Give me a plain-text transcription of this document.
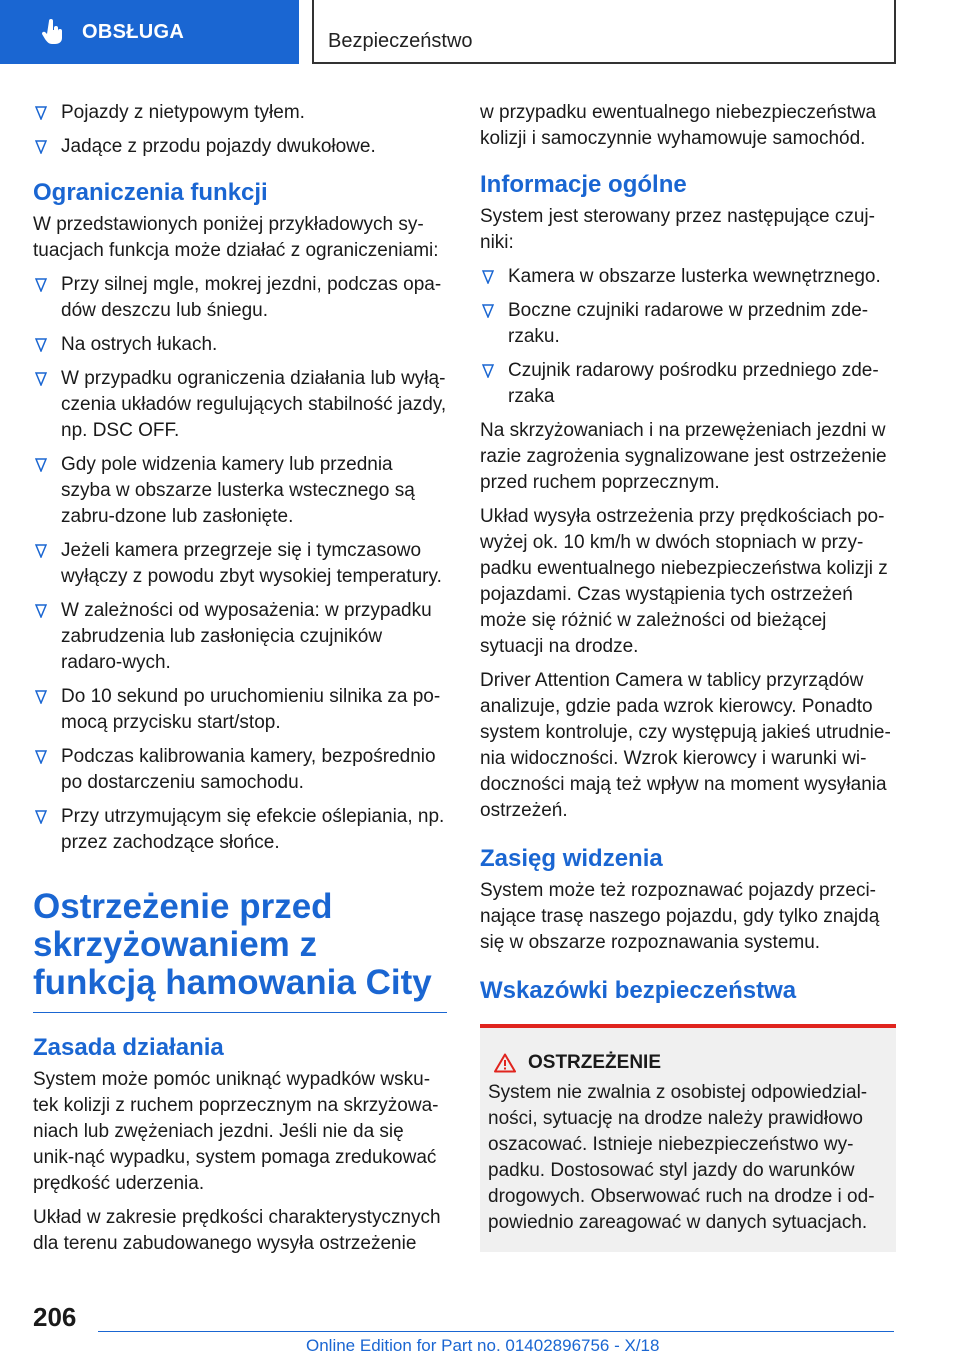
OBSŁUGA	Bezpieczeństwo
Pojazdy z nietypowym tyłem.
Jadące z przodu pojazdy dwukołowe.
Ograniczenia funkcji
W przedstawionych poniżej przykładowych sy-tuacjach funkcja może działać z ograniczeniami:
Przy silnej mgle, mokrej jezdni, podczas opa-dów deszczu lub śniegu.
Na ostrych łukach.
W przypadku ograniczenia działania lub wyłą-czenia układów regulujących stabilność jazdy, np. DSC OFF.
Gdy pole widzenia kamery lub przednia szyba w obszarze lusterka wstecznego są zabru-dzone lub zasłonięte.
Jeżeli kamera przegrzeje się i tymczasowo wyłączy z powodu zbyt wysokiej temperatury.
W zależności od wyposażenia: w przypadku zabrudzenia lub zasłonięcia czujników radaro-wych.
Do 10 sekund po uruchomieniu silnika za po-mocą przycisku start/stop.
Podczas kalibrowania kamery, bezpośrednio po dostarczeniu samochodu.
Przy utrzymującym się efekcie oślepiania, np. przez zachodzące słońce.
Ostrzeżenie przed skrzyżowaniem z funkcją hamowania City
Zasada działania
System może pomóc uniknąć wypadków wsku-tek kolizji z ruchem poprzecznym na skrzyżowa-niach lub zwężeniach jezdni. Jeśli nie da się unik-nąć wypadku, system pomaga zredukować prędkość uderzenia.
Układ w zakresie prędkości charakterystycznych dla terenu zabudowanego wysyła ostrzeżenie
w przypadku ewentualnego niebezpieczeństwa kolizji i samoczynnie wyhamowuje samochód.
Informacje ogólne
System jest sterowany przez następujące czuj-niki:
Kamera w obszarze lusterka wewnętrznego.
Boczne czujniki radarowe w przednim zde-rzaku.
Czujnik radarowy pośrodku przedniego zde-rzaka
Na skrzyżowaniach i na przewężeniach jezdni w razie zagrożenia sygnalizowane jest ostrzeżenie przed ruchem poprzecznym.
Układ wysyła ostrzeżenia przy prędkościach po-wyżej ok. 10 km/h w dwóch stopniach w przy-padku ewentualnego niebezpieczeństwa kolizji z pojazdami. Czas wystąpienia tych ostrzeżeń może się różnić w zależności od bieżącej sytuacji na drodze.
Driver Attention Camera w tablicy przyrządów analizuje, gdzie pada wzrok kierowcy. Ponadto system kontroluje, czy występują jakieś utrudnie-nia widoczności. Wzrok kierowcy i warunki wi-doczności mają też wpływ na moment wysyłania ostrzeżeń.
Zasięg widzenia
System może też rozpoznawać pojazdy przeci-nające trasę naszego pojazdu, gdy tylko znajdą się w obszarze rozpoznawania systemu.
Wskazówki bezpieczeństwa
OSTRZEŻENIE
System nie zwalnia z osobistej odpowiedzial-ności, sytuację na drodze należy prawidłowo oszacować. Istnieje niebezpieczeństwo wy-padku. Dostosować styl jazdy do warunków drogowych. Obserwować ruch na drodze i od-powiednio zareagować w danych sytuacjach.
206
Online Edition for Part no. 01402896756 - X/18
